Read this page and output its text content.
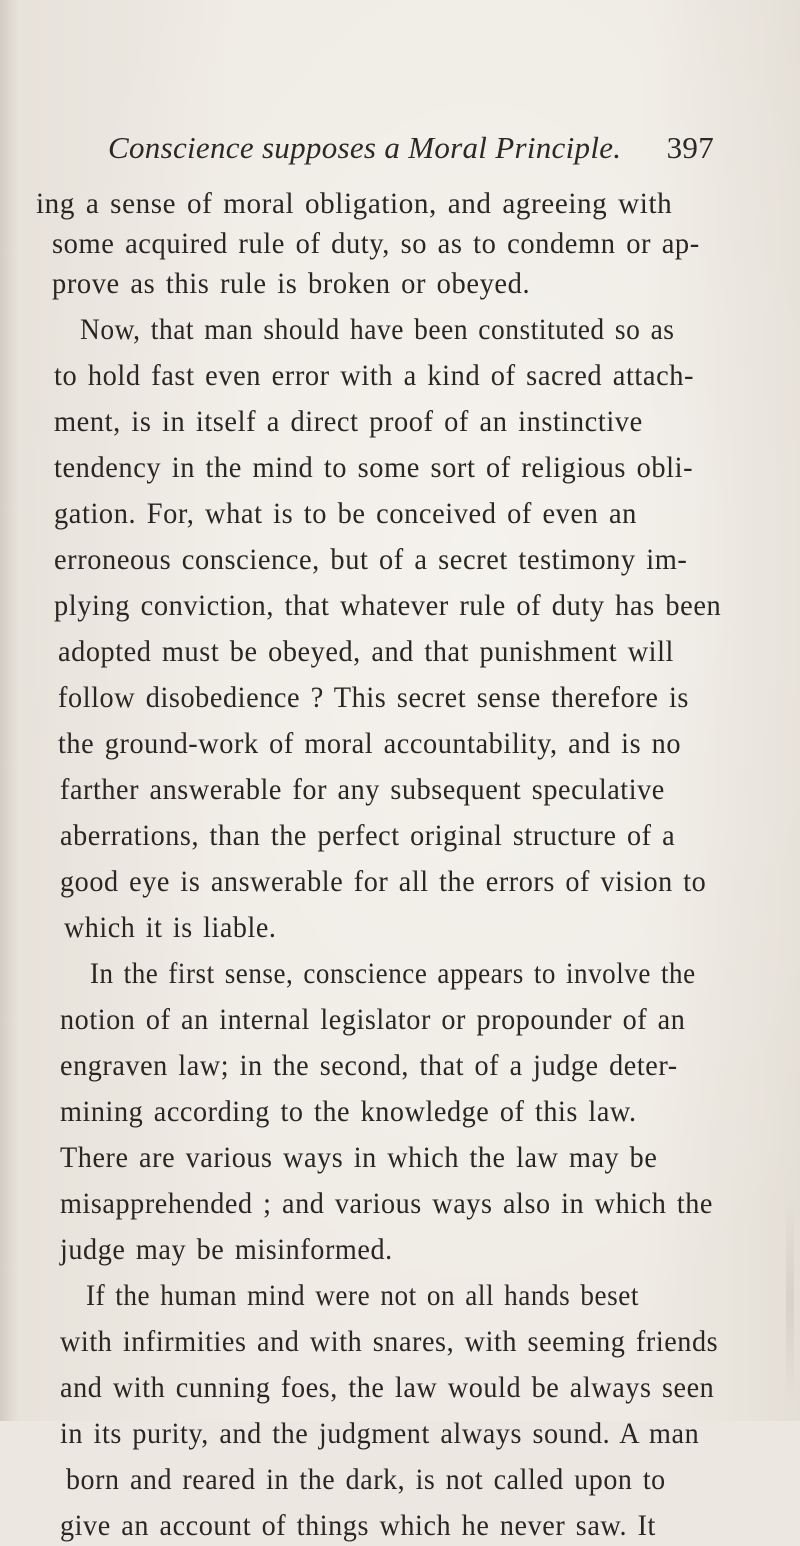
Conscience supposes a Moral Principle. 397
ing a sense of moral obligation, and agreeing with
some acquired rule of duty, so as to condemn or ap-
prove as this rule is broken or obeyed.
Now, that man should have been constituted so as
to hold fast even error with a kind of sacred attach-
ment, is in itself a direct proof of an instinctive
tendency in the mind to some sort of religious obli-
gation. For, what is to be conceived of even an
erroneous conscience, but of a secret testimony im-
plying conviction, that whatever rule of duty has been
adopted must be obeyed, and that punishment will
follow disobedience ? This secret sense therefore is
the ground-work of moral accountability, and is no
farther answerable for any subsequent speculative
aberrations, than the perfect original structure of a
good eye is answerable for all the errors of vision to
which it is liable.
In the first sense, conscience appears to involve the
notion of an internal legislator or propounder of an
engraven law; in the second, that of a judge deter-
mining according to the knowledge of this law.
There are various ways in which the law may be
misapprehended ; and various ways also in which the
judge may be misinformed.
If the human mind were not on all hands beset
with infirmities and with snares, with seeming friends
and with cunning foes, the law would be always seen
in its purity, and the judgment always sound. A man
born and reared in the dark, is not called upon to
give an account of things which he never saw. It
